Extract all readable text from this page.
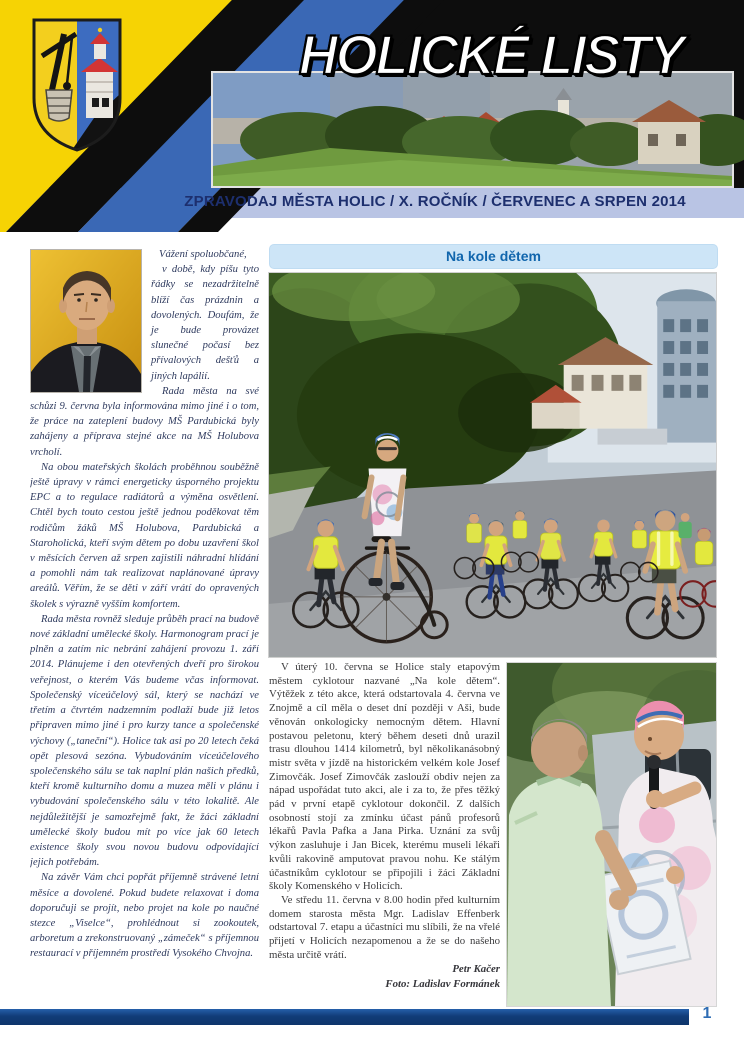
HOLICKÉ LISTY
ZPRAVODAJ MĚSTA HOLIC / X. ROČNÍK / ČERVENEC A SRPEN 2014

Vážení spoluobčané,

v době, kdy píšu tyto řádky se nezadržitelně blíží čas prázdnin a dovolených. Doufám, že je bude provázet slunečné počasí bez přívalových dešťů a jiných lapálií.

Rada města na své schůzi 9. června byla informována mimo jiné i o tom, že práce na zateplení budovy MŠ Pardubická byly zahájeny a příprava stejné akce na MŠ Holubova vrcholí.

Na obou mateřských školách proběhnou souběžně ještě úpravy v rámci energeticky úsporného projektu EPC a to regulace radiátorů a výměna osvětlení. Chtěl bych touto cestou ještě jednou poděkovat těm rodičům žáků MŠ Holubova, Pardubická a Staroholická, kteří svým dětem po dobu uzavření škol v měsících červen až srpen zajistili náhradní hlídání a pomohli nám tak realizovat naplánované úpravy areálů. Věřím, že se děti v září vrátí do opravených školek s výrazně vyšším komfortem.

Rada města rovněž sleduje průběh prací na budově nové základní umělecké školy. Harmonogram prací je plněn a zatím nic nebrání zahájení provozu 1. září 2014. Plánujeme i den otevřených dveří pro širokou veřejnost, o kterém Vás budeme včas informovat. Společenský víceúčelový sál, který se nachází ve třetím a čtvrtém nadzemním podlaží bude již letos připraven mimo jiné i pro kurzy tance a společenské výchovy („taneční“). Holice tak asi po 20 letech čeká opět plesová sezóna. Vybudováním víceúčelového společenského sálu se tak naplní plán našich předků, kteří kromě kulturního domu a muzea měli v plánu i vybudování společenského sálu v této lokalitě. Ale nejdůležitější je samozřejmě fakt, že žáci základní umělecké školy budou mít po více jak 60 letech existence školy svou novou budovu odpovídající jejich potřebám.

Na závěr Vám chci popřát příjemně strávené letní měsíce a dovolené. Pokud budete relaxovat i doma doporučuji se projít, nebo projet na kole po naučné stezce „Viselce“, prohlédnout si zookoutek, arboretum a zrekonstruovaný „zámeček“ s příjemnou restaurací v příjemném prostředí Vysokého Chvojna.

Na kole dětem

V úterý 10. června se Holice staly etapovým městem cyklotour nazvané „Na kole dětem“. Výtěžek z této akce, která odstartovala 4. června ve Znojmě a cíl měla o deset dní později v Aši, bude věnován onkologicky nemocným dětem. Hlavní postavou peletonu, který během deseti dnů urazil trasu dlouhou 1414 kilometrů, byl několikanásobný mistr světa v jízdě na historickém velkém kole Josef Zimovčák. Josef Zimovčák zaslouží obdiv nejen za nápad uspořádat tuto akci, ale i za to, že přes těžký pád v první etapě cyklotour dokončil. Z dalších osobností stojí za zmínku účast pánů profesorů lékařů Pavla Pafka a Jana Pirka. Uznání za svůj výkon zasluhuje i Jan Bicek, kterému museli lékaři kvůli rakovině amputovat pravou nohu. Ke stálým účastníkům cyklotour se připojili i žáci Základní školy Komenského v Holicích.

Ve středu 11. června v 8.00 hodin před kulturním domem starosta města Mgr. Ladislav Effenberk odstartoval 7. etapu a účastníci mu slíbili, že na vřelé přijetí v Holicích nezapomenou a že se do našeho města určitě vrátí.

Petr Kačer

Foto: Ladislav Formánek

1
